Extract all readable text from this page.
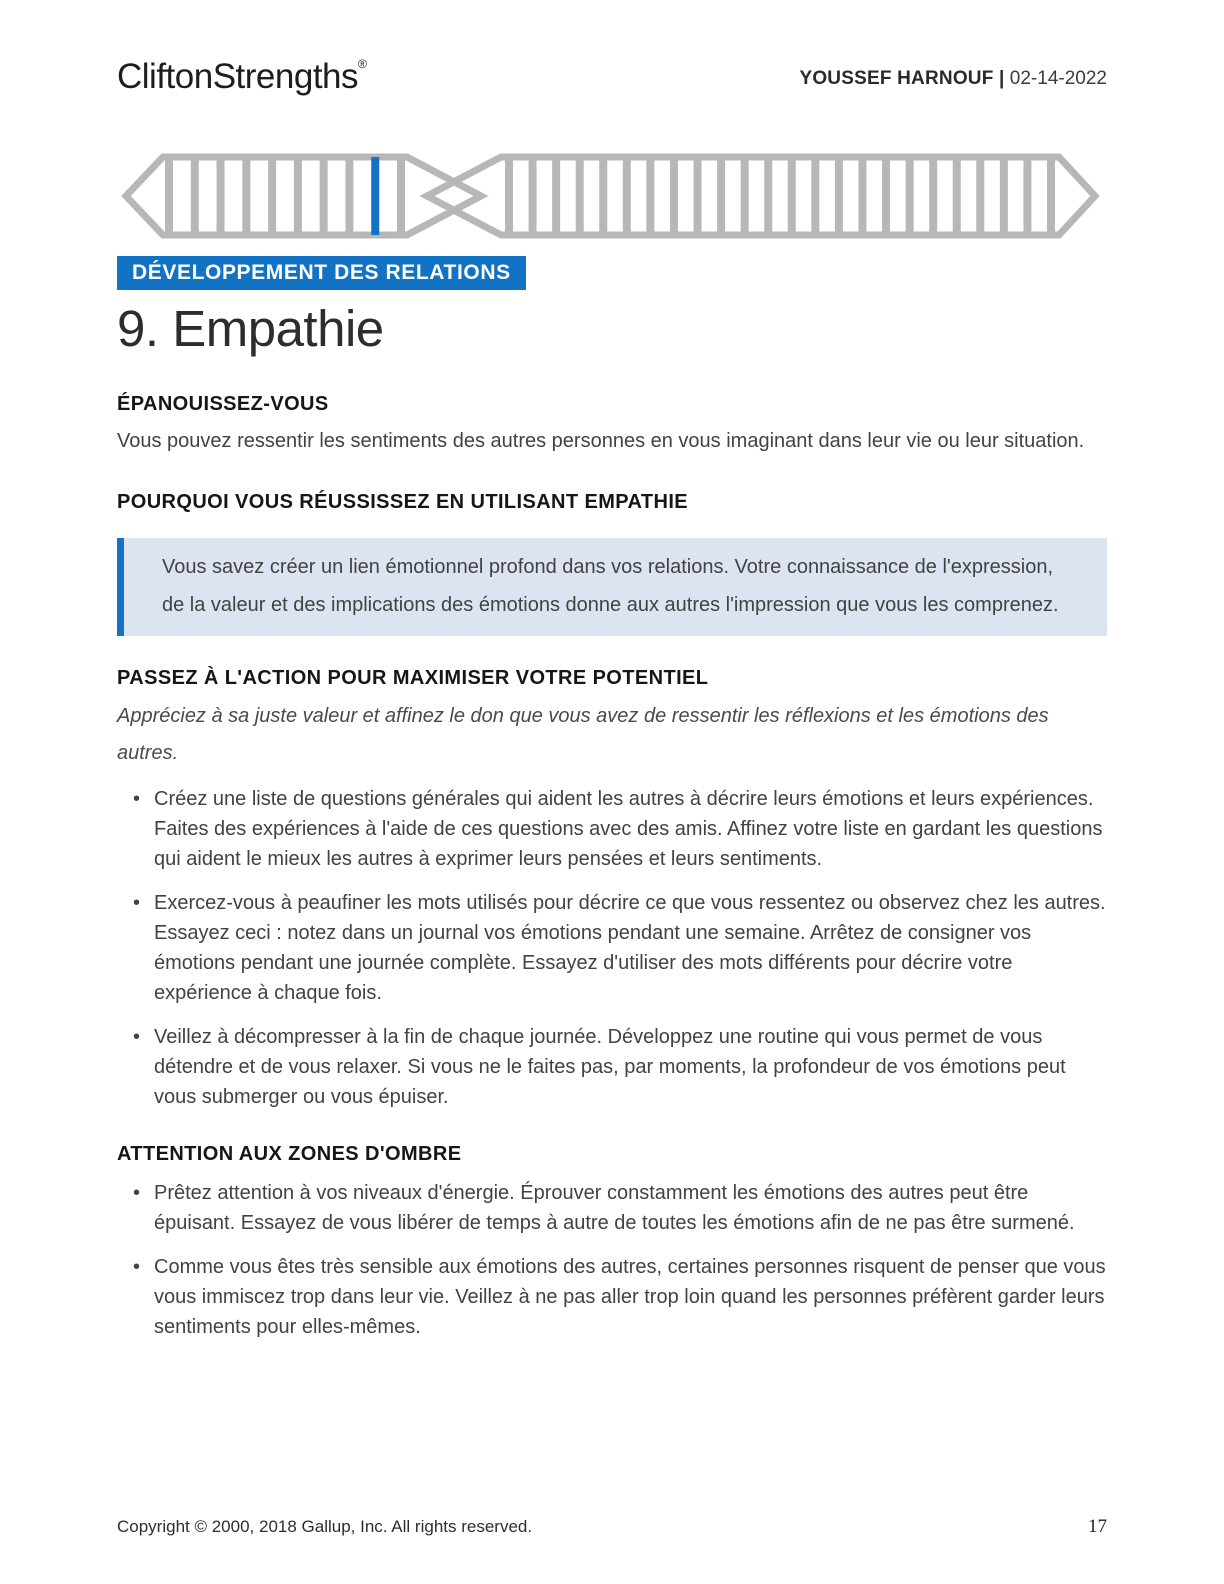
CliftonStrengths®
YOUSSEF HARNOUF | 02-14-2022
DÉVELOPPEMENT DES RELATIONS
9. Empathie
ÉPANOUISSEZ-VOUS

Vous pouvez ressentir les sentiments des autres personnes en vous imaginant dans leur vie ou leur situation.

POURQUOI VOUS RÉUSSISSEZ EN UTILISANT EMPATHIE
Vous savez créer un lien émotionnel profond dans vos relations. Votre connaissance de l'expression, de la valeur et des implications des émotions donne aux autres l'impression que vous les comprenez.
PASSEZ À L'ACTION POUR MAXIMISER VOTRE POTENTIEL

Appréciez à sa juste valeur et affinez le don que vous avez de ressentir les réflexions et les émotions des autres.

• Créez une liste de questions générales qui aident les autres à décrire leurs émotions et leurs expériences. Faites des expériences à l'aide de ces questions avec des amis. Affinez votre liste en gardant les questions qui aident le mieux les autres à exprimer leurs pensées et leurs sentiments.
• Exercez-vous à peaufiner les mots utilisés pour décrire ce que vous ressentez ou observez chez les autres. Essayez ceci : notez dans un journal vos émotions pendant une semaine. Arrêtez de consigner vos émotions pendant une journée complète. Essayez d'utiliser des mots différents pour décrire votre expérience à chaque fois.
• Veillez à décompresser à la fin de chaque journée. Développez une routine qui vous permet de vous détendre et de vous relaxer. Si vous ne le faites pas, par moments, la profondeur de vos émotions peut vous submerger ou vous épuiser.
ATTENTION AUX ZONES D'OMBRE
• Prêtez attention à vos niveaux d'énergie. Éprouver constamment les émotions des autres peut être épuisant. Essayez de vous libérer de temps à autre de toutes les émotions afin de ne pas être surmené.
• Comme vous êtes très sensible aux émotions des autres, certaines personnes risquent de penser que vous vous immiscez trop dans leur vie. Veillez à ne pas aller trop loin quand les personnes préfèrent garder leurs sentiments pour elles-mêmes.
Copyright © 2000, 2018 Gallup, Inc. All rights reserved.	17
